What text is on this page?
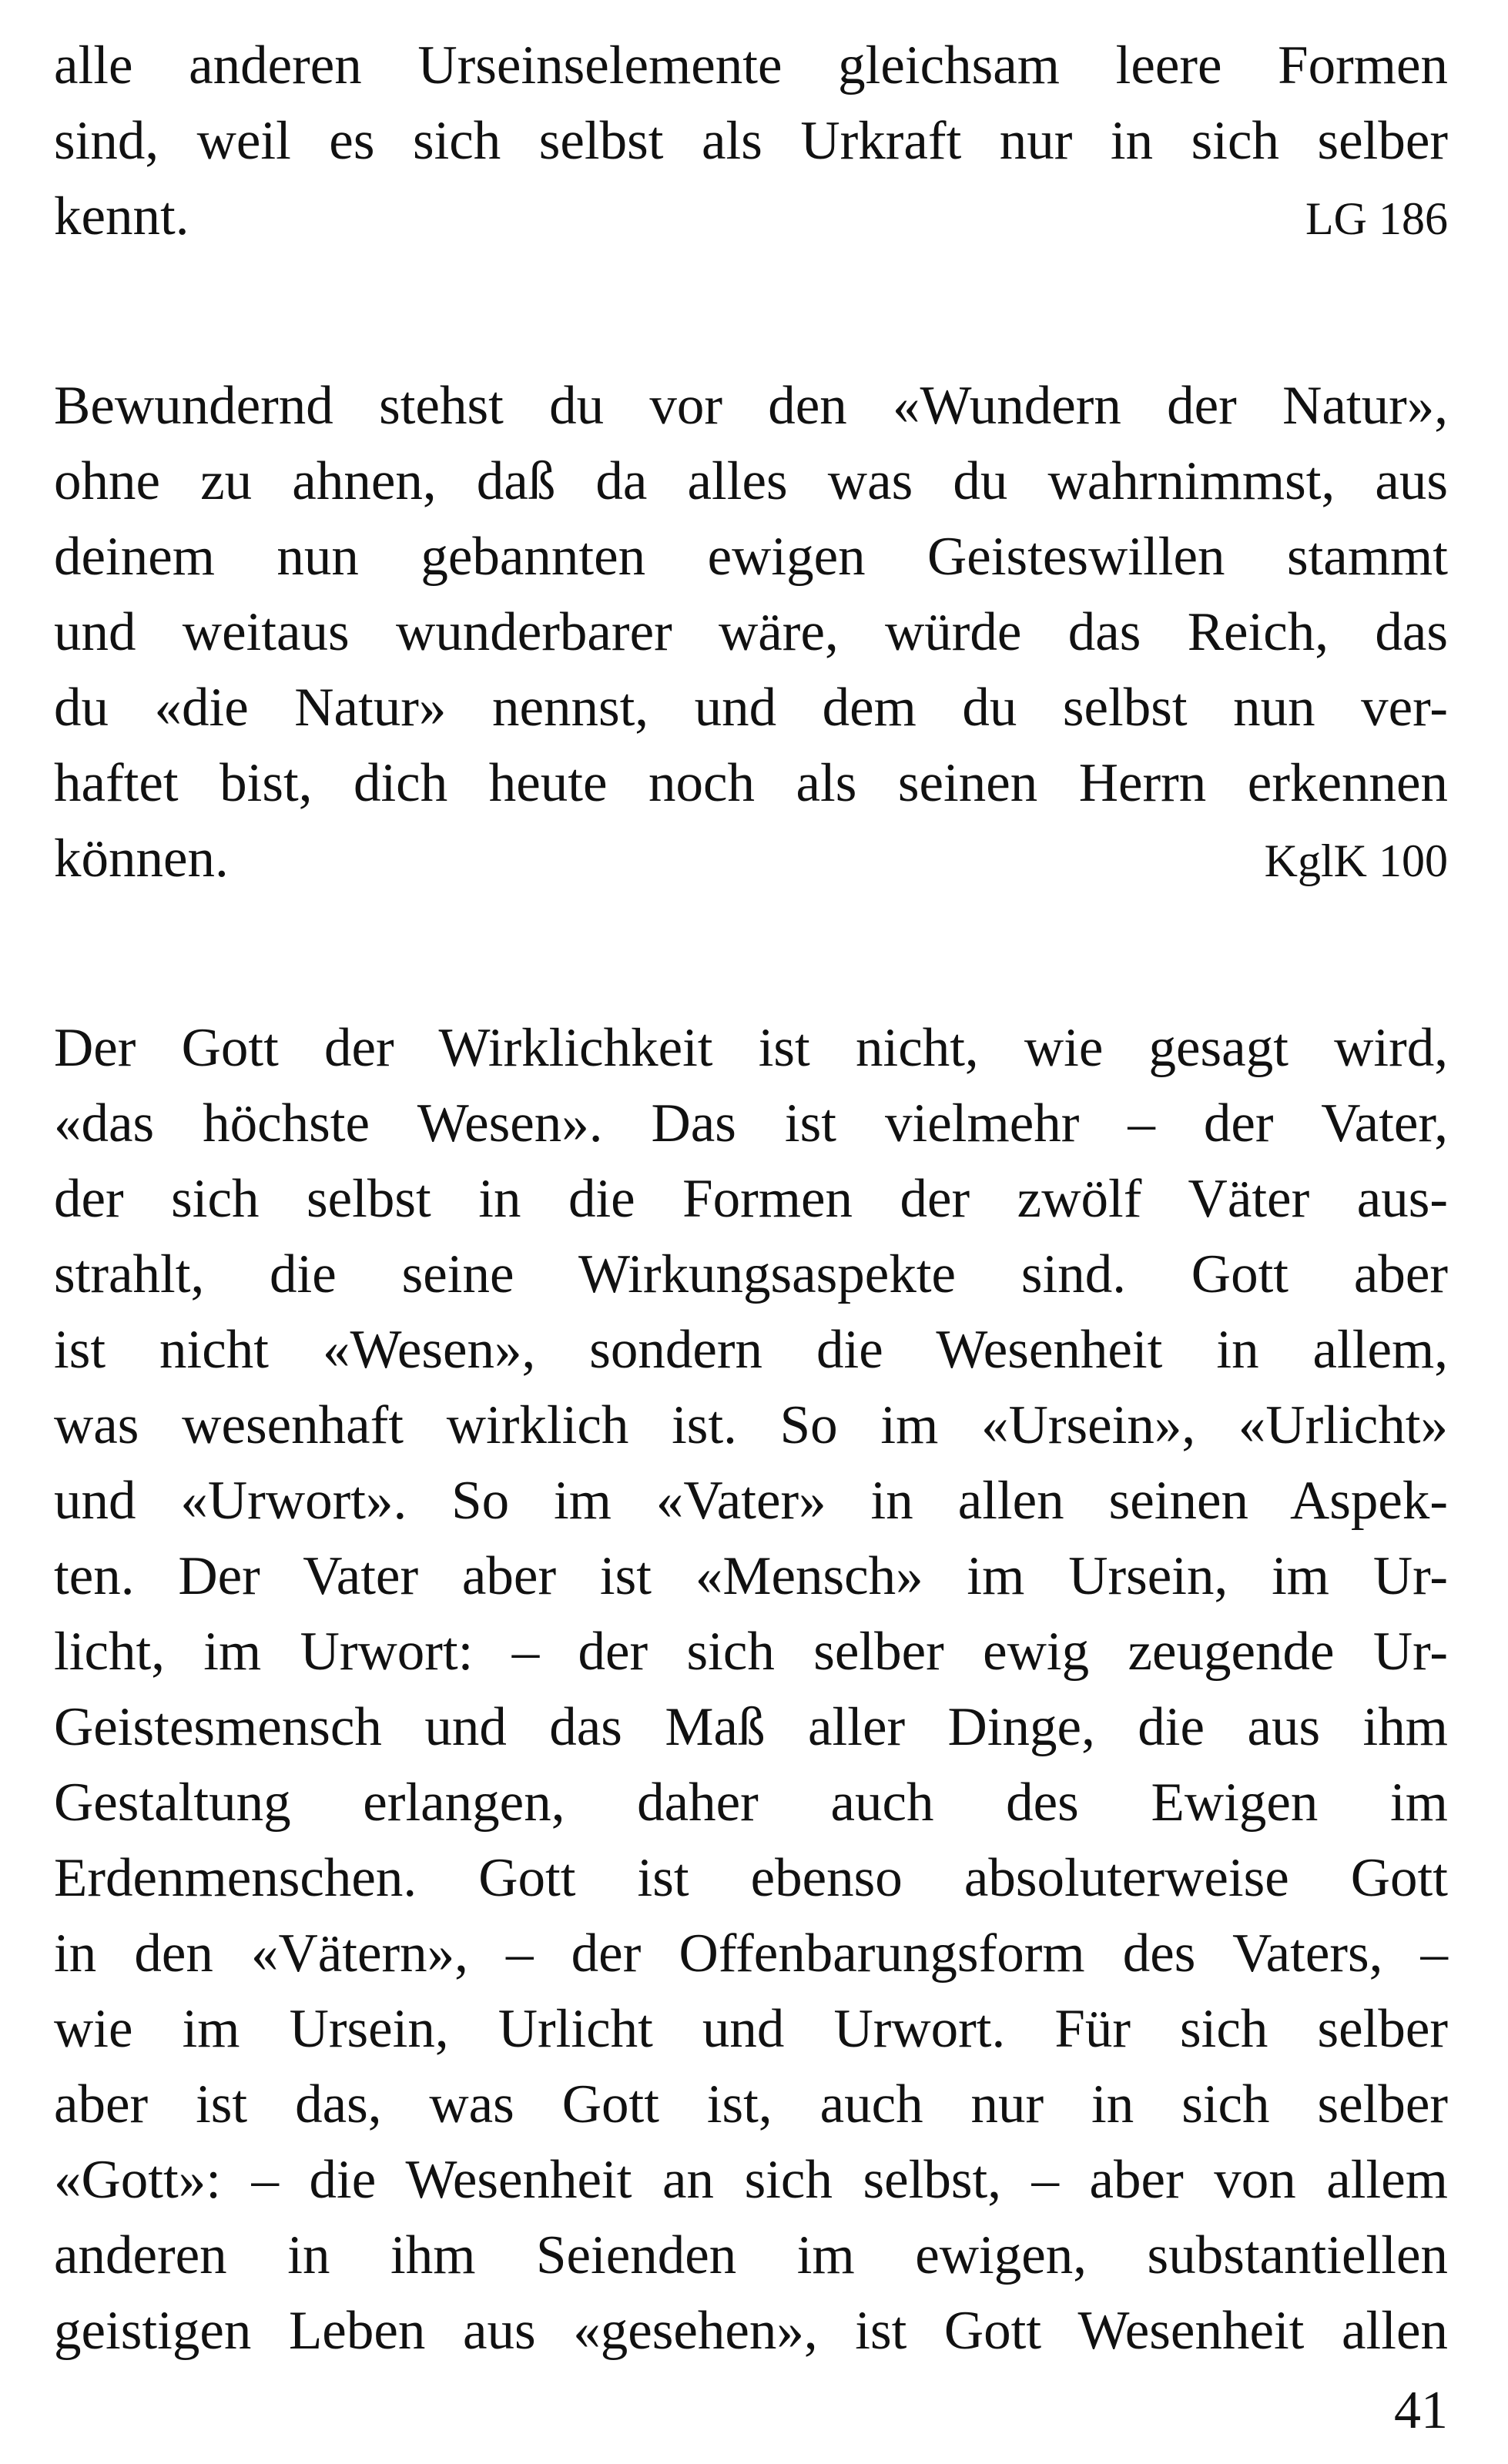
alle anderen Urseinselemente gleichsam leere Formen
sind, weil es sich selbst als Urkraft nur in sich selber
kennt.	LG 186
Bewundernd stehst du vor den «Wundern der Natur»,
ohne zu ahnen, daß da alles was du wahrnimmst, aus
deinem nun gebannten ewigen Geisteswillen stammt
und weitaus wunderbarer wäre, würde das Reich, das
du «die Natur» nennst, und dem du selbst nun ver-
haftet bist, dich heute noch als seinen Herrn erkennen
können.	KglK 100
Der Gott der Wirklichkeit ist nicht, wie gesagt wird,
«das höchste Wesen». Das ist vielmehr – der Vater,
der sich selbst in die Formen der zwölf Väter aus-
strahlt, die seine Wirkungsaspekte sind. Gott aber
ist nicht «Wesen», sondern die Wesenheit in allem,
was wesenhaft wirklich ist. So im «Ursein», «Urlicht»
und «Urwort». So im «Vater» in allen seinen Aspek-
ten. Der Vater aber ist «Mensch» im Ursein, im Ur-
licht, im Urwort: – der sich selber ewig zeugende Ur-
Geistesmensch und das Maß aller Dinge, die aus ihm
Gestaltung erlangen, daher auch des Ewigen im
Erdenmenschen. Gott ist ebenso absoluterweise Gott
in den «Vätern», – der Offenbarungsform des Vaters, –
wie im Ursein, Urlicht und Urwort. Für sich selber
aber ist das, was Gott ist, auch nur in sich selber
«Gott»: – die Wesenheit an sich selbst, – aber von allem
anderen in ihm Seienden im ewigen, substantiellen
geistigen Leben aus «gesehen», ist Gott Wesenheit allen
41
